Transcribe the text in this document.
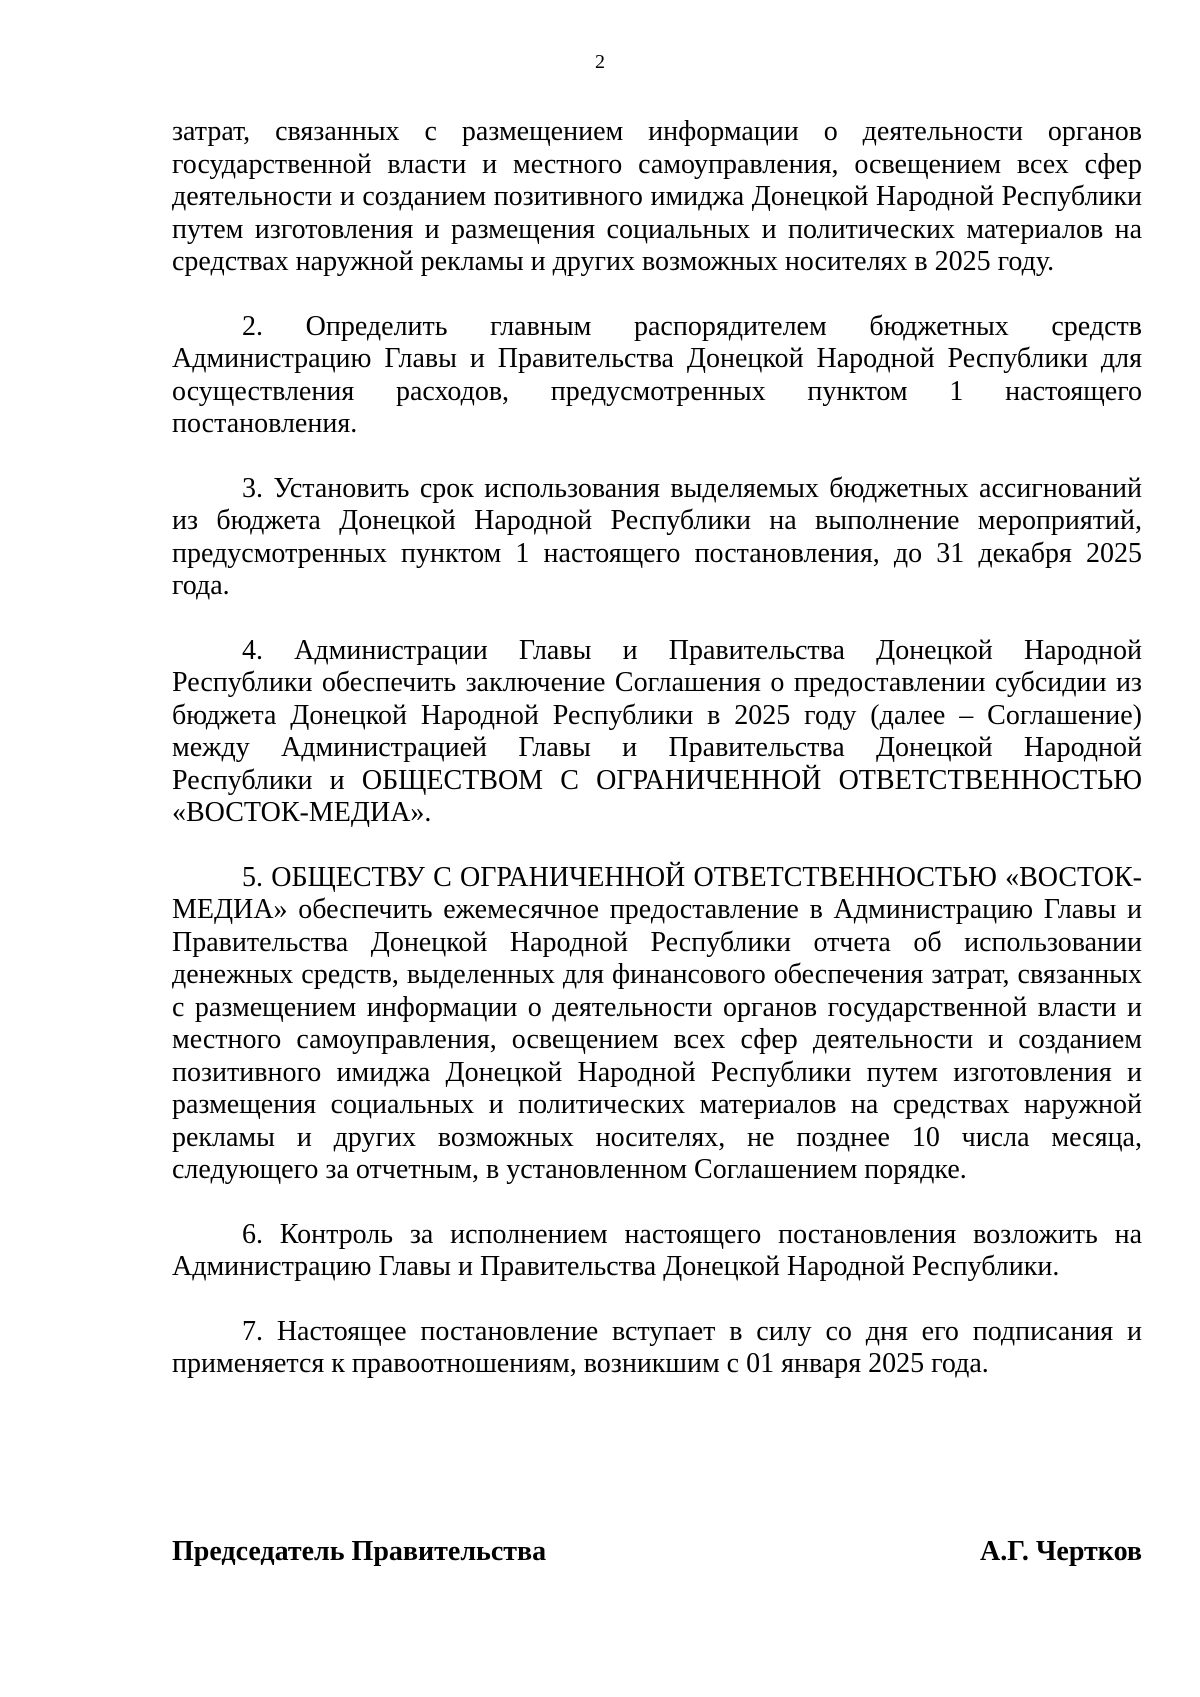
2

затрат, связанных с размещением информации о деятельности органов государственной власти и местного самоуправления, освещением всех сфер деятельности и созданием позитивного имиджа Донецкой Народной Республики путем изготовления и размещения социальных и политических материалов на средствах наружной рекламы и других возможных носителях в 2025 году.

2. Определить главным распорядителем бюджетных средств Администрацию Главы и Правительства Донецкой Народной Республики для осуществления расходов, предусмотренных пунктом 1 настоящего постановления.

3. Установить срок использования выделяемых бюджетных ассигнований из бюджета Донецкой Народной Республики на выполнение мероприятий, предусмотренных пунктом 1 настоящего постановления, до 31 декабря 2025 года.

4. Администрации Главы и Правительства Донецкой Народной Республики обеспечить заключение Соглашения о предоставлении субсидии из бюджета Донецкой Народной Республики в 2025 году (далее – Соглашение) между Администрацией Главы и Правительства Донецкой Народной Республики и ОБЩЕСТВОМ С ОГРАНИЧЕННОЙ ОТВЕТСТВЕННОСТЬЮ «ВОСТОК-МЕДИА».

5. ОБЩЕСТВУ С ОГРАНИЧЕННОЙ ОТВЕТСТВЕННОСТЬЮ «ВОСТОК-МЕДИА» обеспечить ежемесячное предоставление в Администрацию Главы и Правительства Донецкой Народной Республики отчета об использовании денежных средств, выделенных для финансового обеспечения затрат, связанных с размещением информации о деятельности органов государственной власти и местного самоуправления, освещением всех сфер деятельности и созданием позитивного имиджа Донецкой Народной Республики путем изготовления и размещения социальных и политических материалов на средствах наружной рекламы и других возможных носителях, не позднее 10 числа месяца, следующего за отчетным, в установленном Соглашением порядке.

6. Контроль за исполнением настоящего постановления возложить на Администрацию Главы и Правительства Донецкой Народной Республики.

7. Настоящее постановление вступает в силу со дня его подписания и применяется к правоотношениям, возникшим с 01 января 2025 года.

Председатель Правительства	А.Г. Чертков
